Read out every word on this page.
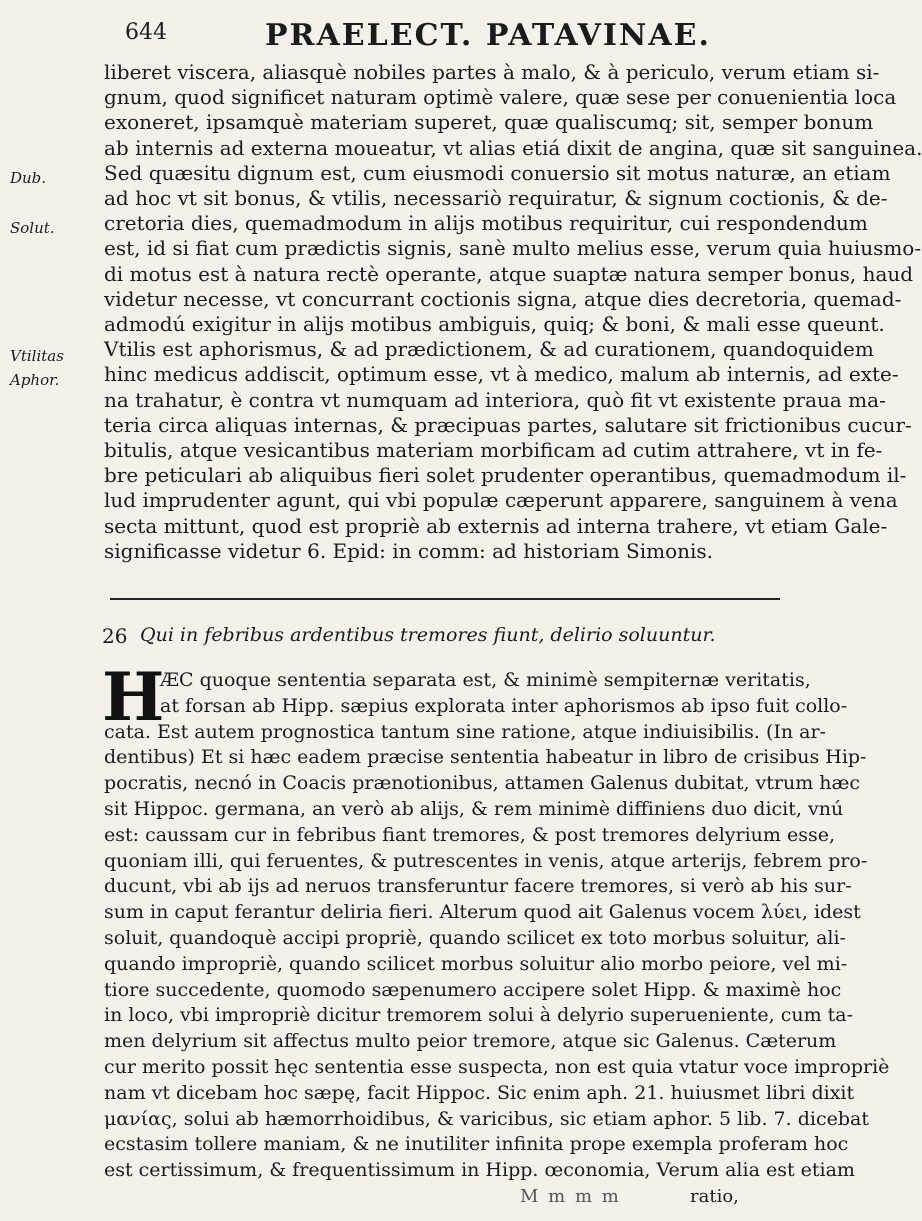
644	PRAELECT. PATAVINAE.
Dub.
Solut.
Vtilitas
Aphor.
liberet viscera, aliasquè nobiles partes à malo, & à periculo, verum etiam si-
gnum, quod significet naturam optimè valere, quæ sese per conuenientia loca
exoneret, ipsamquè materiam superet, quæ qualiscumq; sit, semper bonum
ab internis ad externa moueatur, vt alias etiá dixit de angina, quæ sit sanguinea.
Sed quæsitu dignum est, cum eiusmodi conuersio sit motus naturæ, an etiam
ad hoc vt sit bonus, & vtilis, necessariò requiratur, & signum coctionis, & de-
cretoria dies, quemadmodum in alijs motibus requiritur, cui respondendum
est, id si fiat cum prædictis signis, sanè multo melius esse, verum quia huiusmo-
di motus est à natura rectè operante, atque suaptæ natura semper bonus, haud
videtur necesse, vt concurrant coctionis signa, atque dies decretoria, quemad-
admodú exigitur in alijs motibus ambiguis, quiq; & boni, & mali esse queunt.
Vtilis est aphorismus, & ad prædictionem, & ad curationem, quandoquidem
hinc medicus addiscit, optimum esse, vt à medico, malum ab internis, ad exte-
na trahatur, è contra vt numquam ad interiora, quò fit vt existente praua ma-
teria circa aliquas internas, & præcipuas partes, salutare sit frictionibus cucur-
bitulis, atque vesicantibus materiam morbificam ad cutim attrahere, vt in fe-
bre peticulari ab aliquibus fieri solet prudenter operantibus, quemadmodum il-
lud imprudenter agunt, qui vbi populæ cæperunt apparere, sanguinem à vena
secta mittunt, quod est propriè ab externis ad interna trahere, vt etiam Gale-
significasse videtur 6. Epid: in comm: ad historiam Simonis.
26 Qui in febribus ardentibus tremores fiunt, delirio soluuntur.
H
ÆC quoque sententia separata est, & minimè sempiternæ veritatis,
at forsan ab Hipp. sæpius explorata inter aphorismos ab ipso fuit collo-
cata. Est autem prognostica tantum sine ratione, atque indiuisibilis. (In ar-
dentibus) Et si hæc eadem præcise sententia habeatur in libro de crisibus Hip-
pocratis, necnó in Coacis prænotionibus, attamen Galenus dubitat, vtrum hæc
sit Hippoc. germana, an verò ab alijs, & rem minimè diffiniens duo dicit, vnú
est: caussam cur in febribus fiant tremores, & post tremores delyrium esse,
quoniam illi, qui feruentes, & putrescentes in venis, atque arterijs, febrem pro-
ducunt, vbi ab ijs ad neruos transferuntur facere tremores, si verò ab his sur-
sum in caput ferantur deliria fieri. Alterum quod ait Galenus vocem λύει, idest
soluit, quandoquè accipi propriè, quando scilicet ex toto morbus soluitur, ali-
quando impropriè, quando scilicet morbus soluitur alio morbo peiore, vel mi-
tiore succedente, quomodo sæpenumero accipere solet Hipp. & maximè hoc
in loco, vbi impropriè dicitur tremorem solui à delyrio superueniente, cum ta-
men delyrium sit affectus multo peior tremore, atque sic Galenus. Cæterum
cur merito possit hęc sententia esse suspecta, non est quia vtatur voce impropriè
nam vt dicebam hoc sæpę, facit Hippoc. Sic enim aph. 21. huiusmet libri dixit
μανίας, solui ab hæmorrhoidibus, & varicibus, sic etiam aphor. 5 lib. 7. dicebat
ecstasim tollere maniam, & ne inutiliter infinita prope exempla proferam hoc
est certissimum, & frequentissimum in Hipp. œconomia, Verum alia est etiam
M m m m	ratio,
